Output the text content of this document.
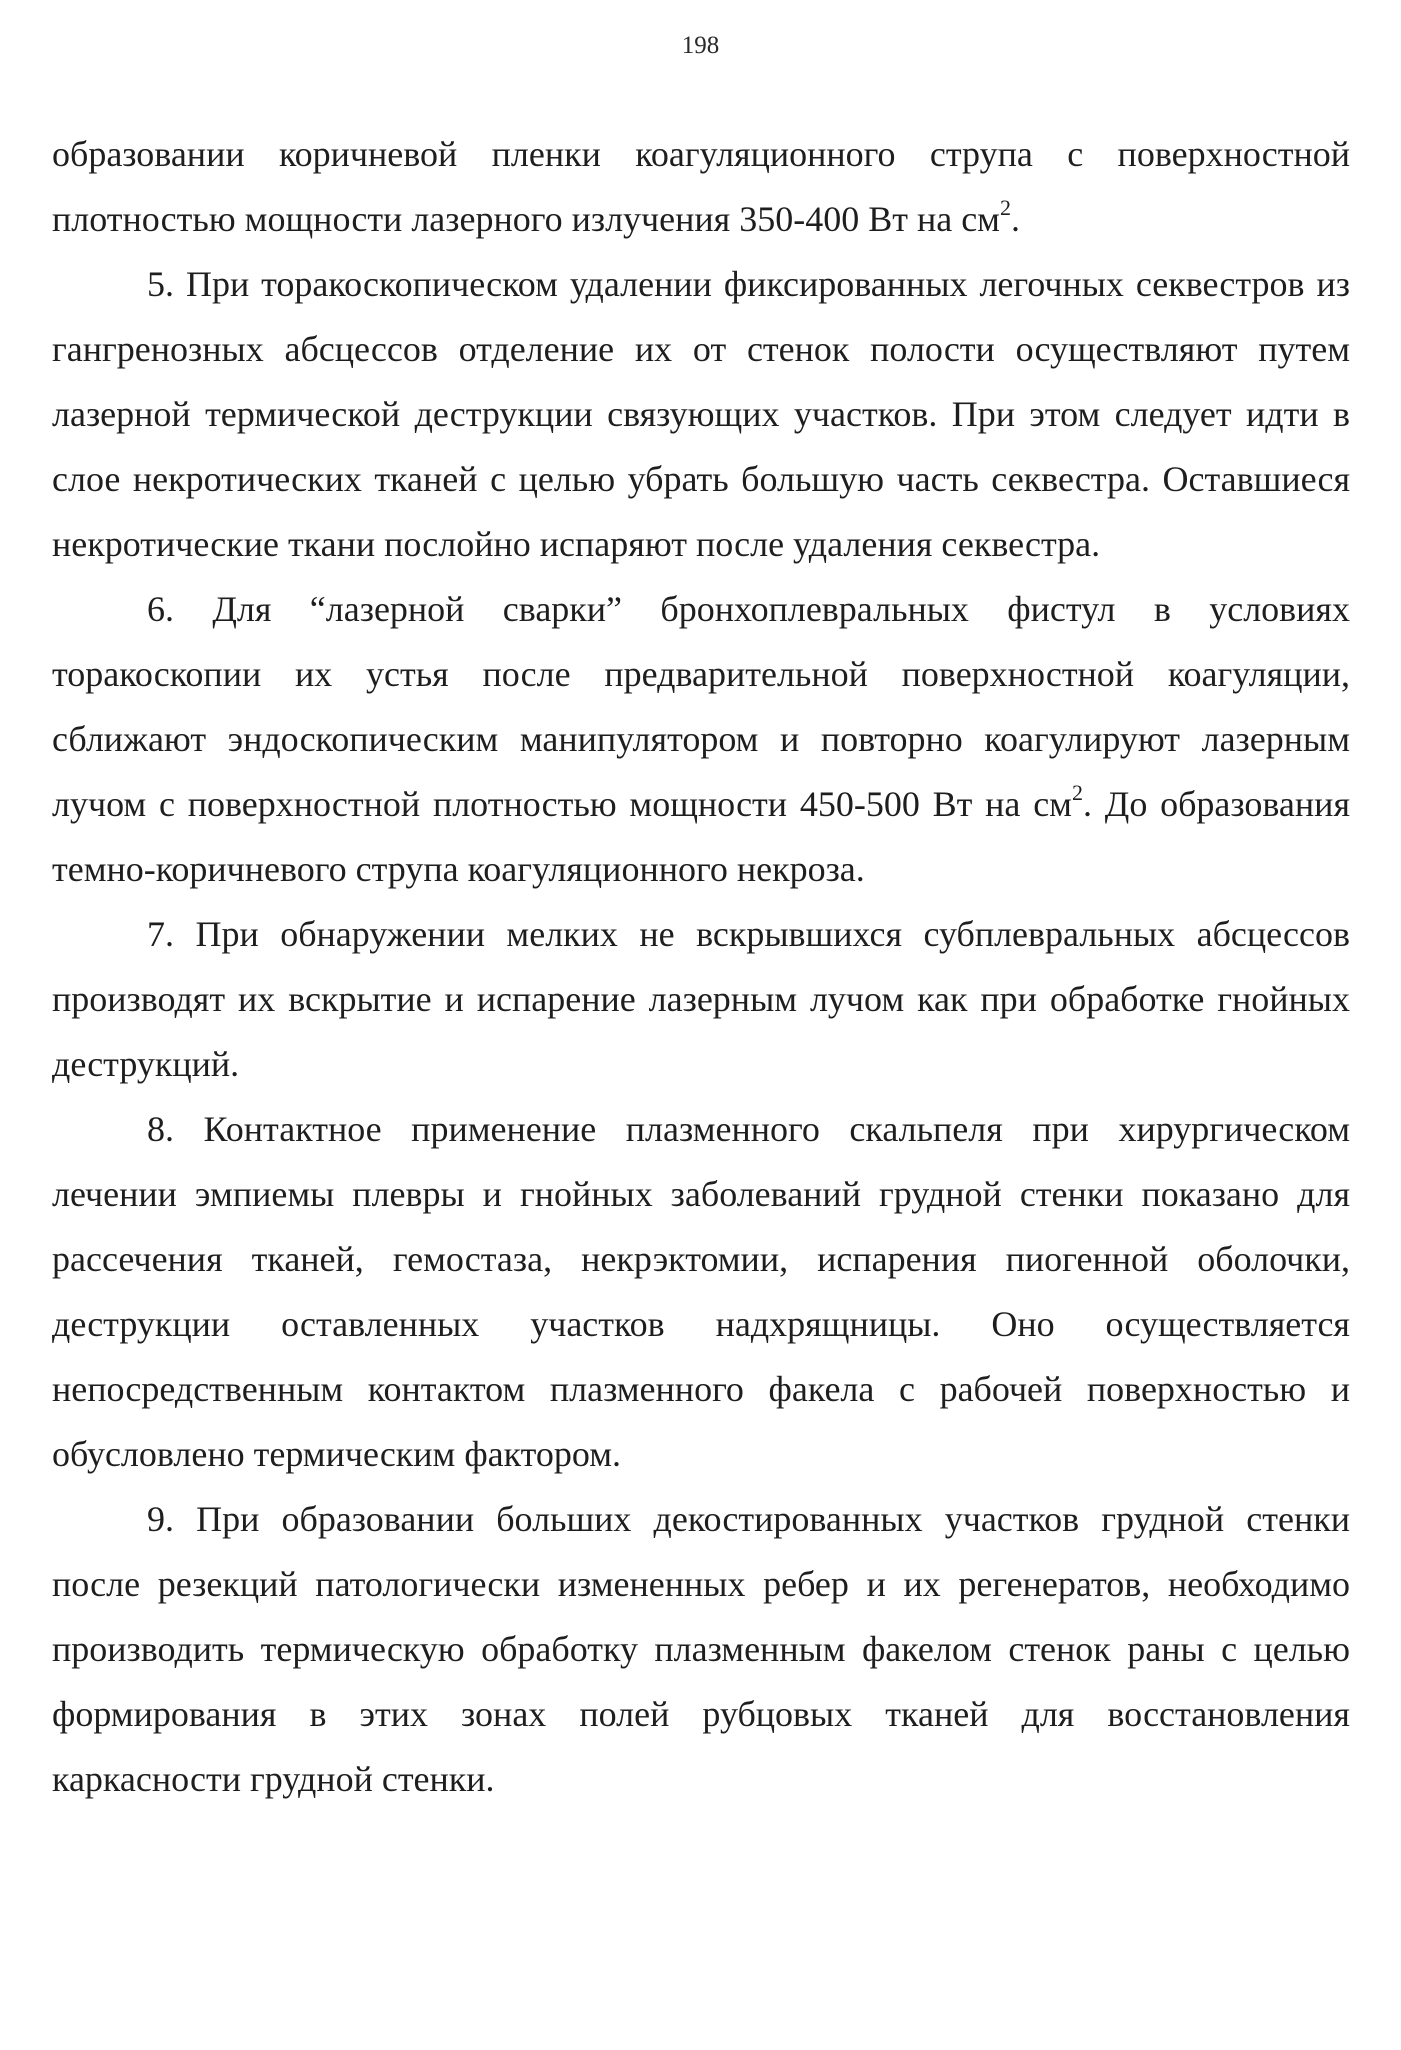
198

образовании коричневой пленки коагуляционного струпа с поверхностной плотностью мощности лазерного излучения 350-400 Вт на $см^2$.

5. При торакоскопическом удалении фиксированных легочных секвестров из гангренозных абсцессов отделение их от стенок полости осуществляют путем лазерной термической деструкции связующих участков. При этом следует идти в слое некротических тканей с целью убрать большую часть секвестра. Оставшиеся некротические ткани послойно испаряют после удаления секвестра.

6. Для “лазерной сварки” бронхоплевральных фистул в условиях торакоскопии их устья после предварительной поверхностной коагуляции, сближают эндоскопическим манипулятором и повторно коагулируют лазерным лучом с поверхностной плотностью мощности 450-500 Вт на $см^2$. До образования темно-коричневого струпа коагуляционного некроза.

7. При обнаружении мелких не вскрывшихся субплевральных абсцессов производят их вскрытие и испарение лазерным лучом как при обработке гнойных деструкций.

8. Контактное применение плазменного скальпеля при хирургическом лечении эмпиемы плевры и гнойных заболеваний грудной стенки показано для рассечения тканей, гемостаза, некрэктомии, испарения пиогенной оболочки, деструкции оставленных участков надхрящницы. Оно осуществляется непосредственным контактом плазменного факела с рабочей поверхностью и обусловлено термическим фактором.

9. При образовании больших декостированных участков грудной стенки после резекций патологически измененных ребер и их регенератов, необходимо производить термическую обработку плазменным факелом стенок раны с целью формирования в этих зонах полей рубцовых тканей для восстановления каркасности грудной стенки.
